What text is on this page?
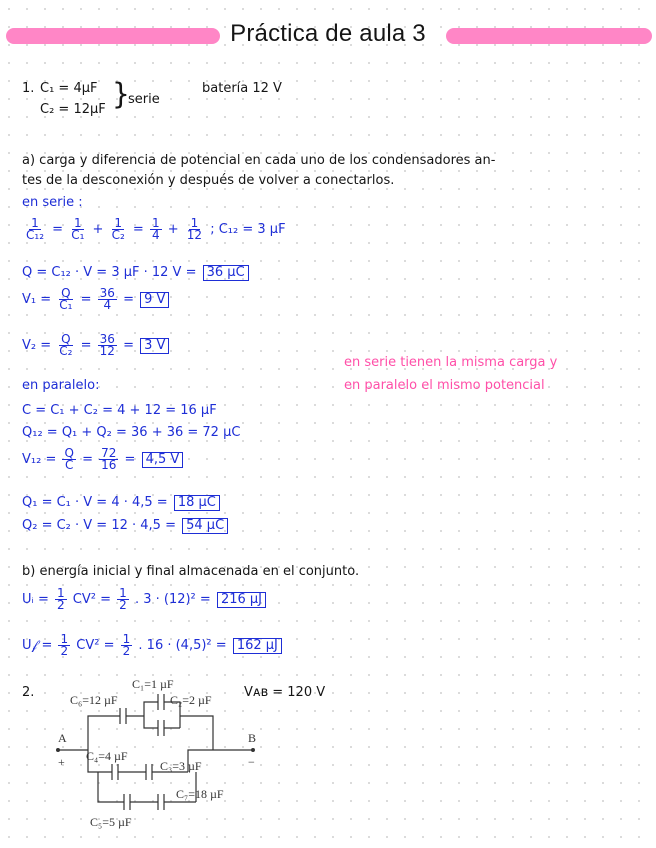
Práctica de aula 3
1. C₁ = 4µF
C₂ = 12µF }
serie
batería 12 V
a) carga y diferencia de potencial en cada uno de los condensadores an-
tes de la desconexión y después de volver a conectarlos.
en serie :
$\frac{1}{\text{C₁₂}} = \frac{1}{\text{C₁}} + \frac{1}{\text{C₂}} = \frac{1}{4} + \frac{1}{12}$ ; C₁₂ = 3 µF
Q = C₁₂ · V = 3 µF · 12 V = 36 µC
$V_1 = \frac{Q}{\text{C₁}} = \frac{36}{4} = 9$ V
$V_2 = \frac{Q}{\text{C₂}} = \frac{36}{12} = 3$ V
en serie tienen la misma carga y
en paralelo el mismo potencial
en paralelo:
C = C₁ + C₂ = 4 + 12 = 16 µF
Q₁₂ = Q₁ + Q₂ = 36 + 36 = 72 µC
$V_{12} = \frac{Q}{C} = \frac{72}{16} = 4,5$ V
Q₁ = C₁ · V = 4 · 4,5 = 18 µC
Q₂ = C₂ · V = 12 · 4,5 = 54 µC
b) energía inicial y final almacenada en el conjunto.
Uᵢ = $\frac{1}{2} CV^2 = \frac{1}{2}$ . 3 · (12)² = 216 µJ
U𝒻 = $\frac{1}{2} CV^2 = \frac{1}{2}$ . 16 · (4,5)² = 162 µJ
2.	Vᴀʙ = 120 V
A
+
B
−
C₆=12 µF
C₁=1 µF
C₂=2 µF
C₄=4 µF
C₃=3 µF
C₇=18 µF
C₅=5 µF
